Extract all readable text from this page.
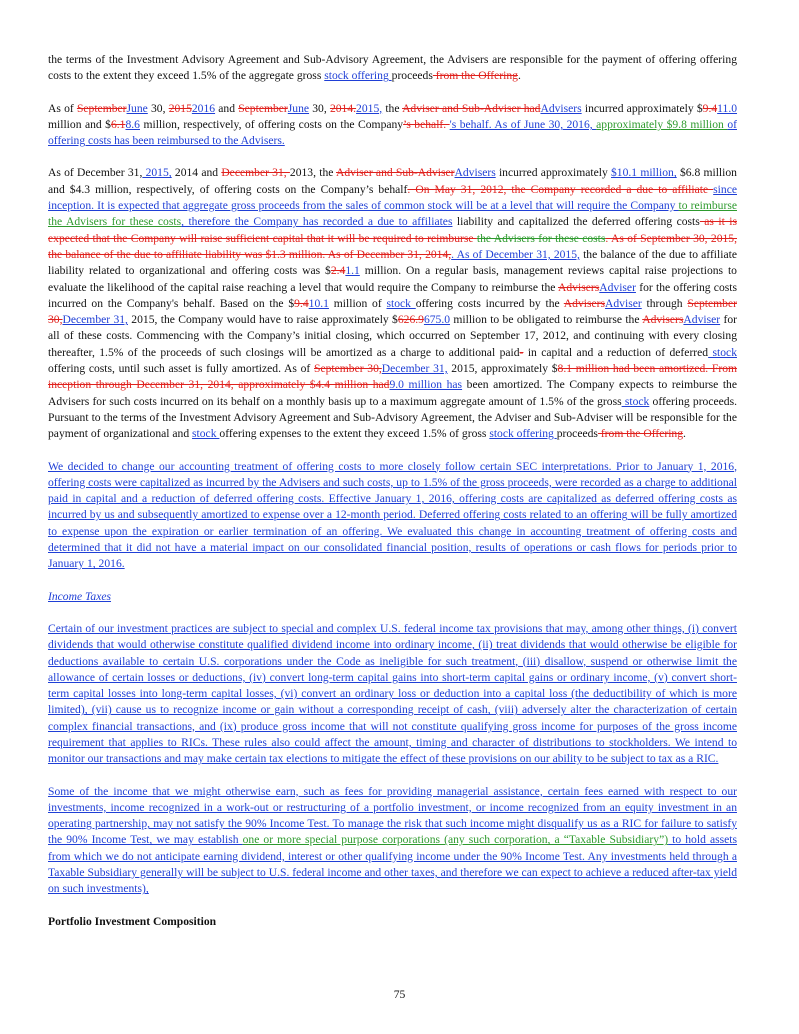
the terms of the Investment Advisory Agreement and Sub-Advisory Agreement, the Advisers are responsible for the payment of offering offering costs to the extent they exceed 1.5% of the aggregate gross stock offering proceeds from the Offering.

As of SeptemberJune 30, 20152016 and SeptemberJune 30, 2014.2015, the Adviser and Sub-Adviser hadAdvisers incurred approximately $9.411.0 million and $6.18.6 million, respectively, of offering costs on the Company’s behalf. 's behalf. As of June 30, 2016, approximately $9.8 million of offering costs has been reimbursed to the Advisers.

As of December 31, 2015, 2014 and December 31, 2013, the Adviser and Sub-AdviserAdvisers incurred approximately $10.1 million, $6.8 million and $4.3 million, respectively, of offering costs on the Company’s behalf. On May 31, 2012, the Company recorded a due to affiliate since inception. It is expected that aggregate gross proceeds from the sales of common stock will be at a level that will require the Company to reimburse the Advisers for these costs, therefore the Company has recorded a due to affiliates liability and capitalized the deferred offering costs as it is expected that the Company will raise sufficient capital that it will be required to reimburse the Advisers for these costs. As of September 30, 2015, the balance of the due to affiliate liability was $1.3 million. As of December 31, 2014,. As of December 31, 2015, the balance of the due to affiliate liability related to organizational and offering costs was $2.41.1 million. On a regular basis, management reviews capital raise projections to evaluate the likelihood of the capital raise reaching a level that would require the Company to reimburse the AdvisersAdviser for the offering costs incurred on the Company's behalf. Based on the $9.410.1 million of stock offering costs incurred by the AdvisersAdviser through September 30,December 31, 2015, the Company would have to raise approximately $626.9675.0 million to be obligated to reimburse the AdvisersAdviser for all of these costs. Commencing with the Company’s initial closing, which occurred on September 17, 2012, and continuing with every closing thereafter, 1.5% of the proceeds of such closings will be amortized as a charge to additional paid- in capital and a reduction of deferred stock offering costs, until such asset is fully amortized. As of September 30,December 31, 2015, approximately $8.1 million had been amortized. From inception through December 31, 2014, approximately $4.4 million had9.0 million has been amortized. The Company expects to reimburse the Advisers for such costs incurred on its behalf on a monthly basis up to a maximum aggregate amount of 1.5% of the gross stock offering proceeds. Pursuant to the terms of the Investment Advisory Agreement and Sub-Advisory Agreement, the Adviser and Sub-Adviser will be responsible for the payment of organizational and stock offering expenses to the extent they exceed 1.5% of gross stock offering proceeds from the Offering.

We decided to change our accounting treatment of offering costs to more closely follow certain SEC interpretations. Prior to January 1, 2016, offering costs were capitalized as incurred by the Advisers and such costs, up to 1.5% of the gross proceeds, were recorded as a charge to additional paid in capital and a reduction of deferred offering costs. Effective January 1, 2016, offering costs are capitalized as deferred offering costs as incurred by us and subsequently amortized to expense over a 12-month period. Deferred offering costs related to an offering will be fully amortized to expense upon the expiration or earlier termination of an offering. We evaluated this change in accounting treatment of offering costs and determined that it did not have a material impact on our consolidated financial position, results of operations or cash flows for periods prior to January 1, 2016.

Income Taxes

Certain of our investment practices are subject to special and complex U.S. federal income tax provisions that may, among other things, (i) convert dividends that would otherwise constitute qualified dividend income into ordinary income, (ii) treat dividends that would otherwise be eligible for deductions available to certain U.S. corporations under the Code as ineligible for such treatment, (iii) disallow, suspend or otherwise limit the allowance of certain losses or deductions, (iv) convert long-term capital gains into short-term capital gains or ordinary income, (v) convert short-term capital losses into long-term capital losses, (vi) convert an ordinary loss or deduction into a capital loss (the deductibility of which is more limited), (vii) cause us to recognize income or gain without a corresponding receipt of cash, (viii) adversely alter the characterization of certain complex financial transactions, and (ix) produce gross income that will not constitute qualifying gross income for purposes of the gross income requirement that applies to RICs. These rules also could affect the amount, timing and character of distributions to stockholders. We intend to monitor our transactions and may make certain tax elections to mitigate the effect of these provisions on our ability to be subject to tax as a RIC.

Some of the income that we might otherwise earn, such as fees for providing managerial assistance, certain fees earned with respect to our investments, income recognized in a work-out or restructuring of a portfolio investment, or income recognized from an equity investment in an operating partnership, may not satisfy the 90% Income Test. To manage the risk that such income might disqualify us as a RIC for failure to satisfy the 90% Income Test, we may establish one or more special purpose corporations (any such corporation, a “Taxable Subsidiary”) to hold assets from which we do not anticipate earning dividend, interest or other qualifying income under the 90% Income Test. Any investments held through a Taxable Subsidiary generally will be subject to U.S. federal income and other taxes, and therefore we can expect to achieve a reduced after-tax yield on such investments),

Portfolio Investment Composition

75
